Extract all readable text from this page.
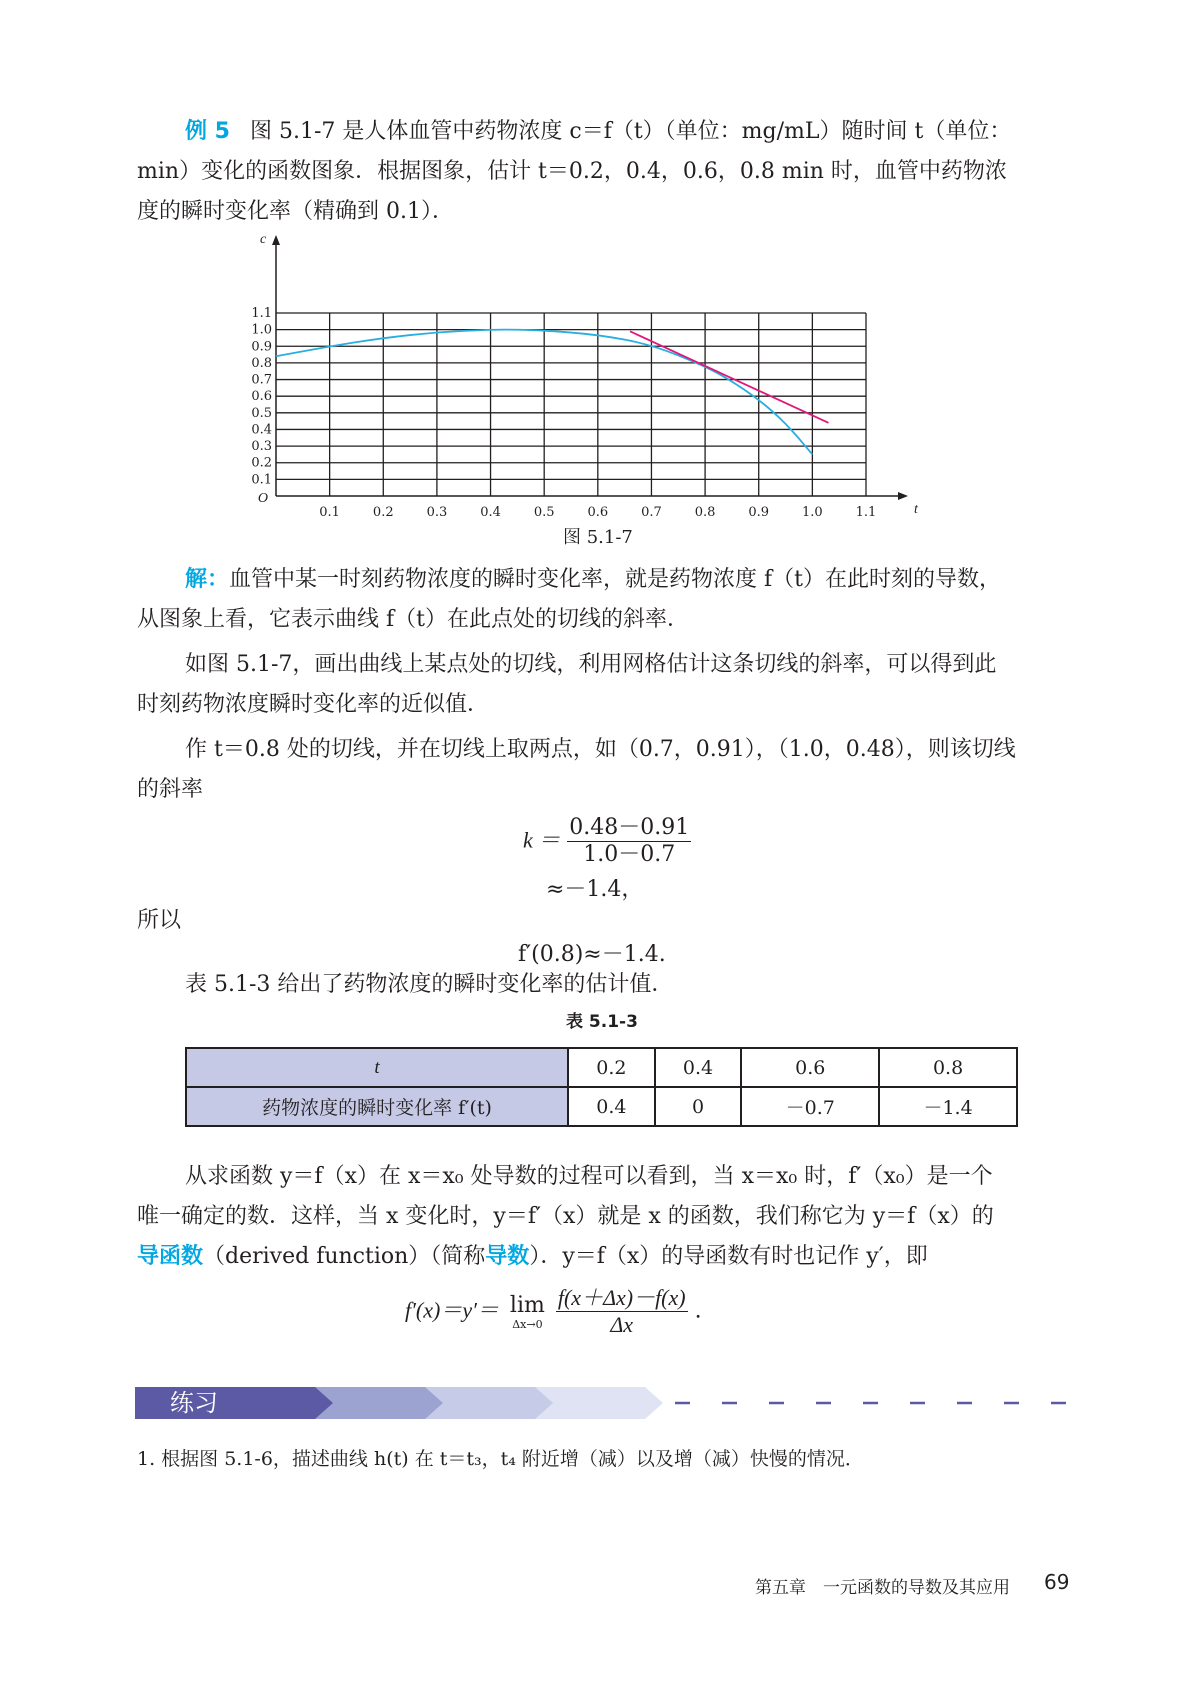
例 5 图 5.1-7 是人体血管中药物浓度 c＝f（t）（单位：mg/mL）随时间 t（单位：
min）变化的函数图象．根据图象，估计 t＝0.2，0.4，0.6，0.8 min 时，血管中药物浓
度的瞬时变化率（精确到 0.1）．
0.1	0.2	0.3	0.4	0.5	0.6	0.7	0.8	0.9	1.0	1.1
0.1
0.2
0.3
0.4
0.5
0.6
0.7
0.8
0.9
1.0
1.1
O
t
c
图 5.1-7
解：血管中某一时刻药物浓度的瞬时变化率，就是药物浓度 f（t）在此时刻的导数，
从图象上看，它表示曲线 f（t）在此点处的切线的斜率．
如图 5.1-7，画出曲线上某点处的切线，利用网格估计这条切线的斜率，可以得到此
时刻药物浓度瞬时变化率的近似值．
作 t＝0.8 处的切线，并在切线上取两点，如（0.7，0.91），（1.0，0.48），则该切线
的斜率
$k = \frac{0.48-0.91}{1.0-0.7}$
≈－1.4，
所以
f′(0.8)≈－1.4.
表 5.1-3 给出了药物浓度的瞬时变化率的估计值．
表 5.1-3
t	0.2	0.4	0.6	0.8
药物浓度的瞬时变化率 f′(t)	0.4	0	－0.7	－1.4
从求函数 y＝f（x）在 x＝x₀ 处导数的过程可以看到，当 x＝x₀ 时，f′（x₀）是一个
唯一确定的数．这样，当 x 变化时，y＝f′（x）就是 x 的函数，我们称它为 y＝f（x）的
导函数（derived function）（简称导数）．y＝f（x）的导函数有时也记作 y′，即
f′(x)＝y′＝ lim
Δx→0
$\frac{f(x+\Delta x)-f(x)}{\Delta x}$ .
练习
1. 根据图 5.1-6，描述曲线 h(t) 在 t＝t₃，t₄ 附近增（减）以及增（减）快慢的情况．
第五章　一元函数的导数及其应用 69
